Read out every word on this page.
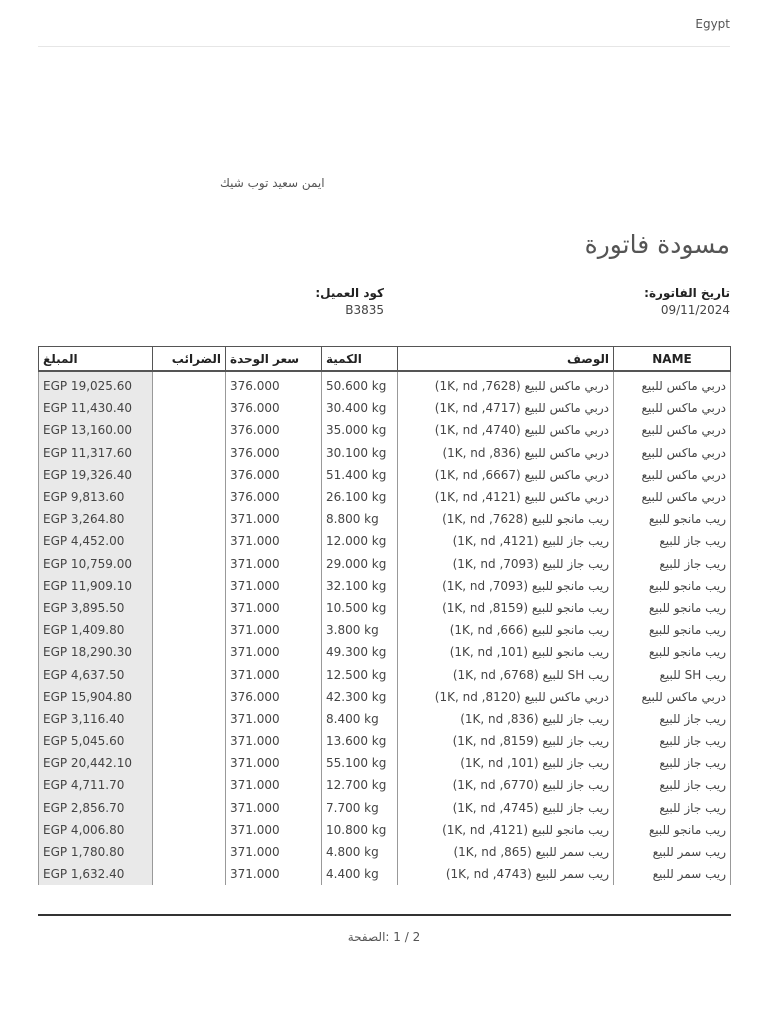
Egypt
ايمن سعيد توب شيك
مسودة فاتورة
تاريخ الفاتورة:
09/11/2024
كود العميل:
B3835
المبلغ	الضرائب	سعر الوحدة	الكمية	الوصف	NAME

EGP 19,025.60		376.000	50.600 kg	دربي ماكس للبيع (7628, 1K, nd)	دربي ماكس للبيع
EGP 11,430.40		376.000	30.400 kg	دربي ماكس للبيع (4717, 1K, nd)	دربي ماكس للبيع
EGP 13,160.00		376.000	35.000 kg	دربي ماكس للبيع (4740, 1K, nd)	دربي ماكس للبيع
EGP 11,317.60		376.000	30.100 kg	دربي ماكس للبيع (836, 1K, nd)	دربي ماكس للبيع
EGP 19,326.40		376.000	51.400 kg	دربي ماكس للبيع (6667, 1K, nd)	دربي ماكس للبيع
EGP 9,813.60		376.000	26.100 kg	دربي ماكس للبيع (4121, 1K, nd)	دربي ماكس للبيع
EGP 3,264.80		371.000	8.800 kg	ريب مانجو للبيع (7628, 1K, nd)	ريب مانجو للبيع
EGP 4,452.00		371.000	12.000 kg	ريب جاز للبيع (4121, 1K, nd)	ريب جاز للبيع
EGP 10,759.00		371.000	29.000 kg	ريب جاز للبيع (7093, 1K, nd)	ريب جاز للبيع
EGP 11,909.10		371.000	32.100 kg	ريب مانجو للبيع (7093, 1K, nd)	ريب مانجو للبيع
EGP 3,895.50		371.000	10.500 kg	ريب مانجو للبيع (8159, 1K, nd)	ريب مانجو للبيع
EGP 1,409.80		371.000	3.800 kg	ريب مانجو للبيع (666, 1K, nd)	ريب مانجو للبيع
EGP 18,290.30		371.000	49.300 kg	ريب مانجو للبيع (101, 1K, nd)	ريب مانجو للبيع
EGP 4,637.50		371.000	12.500 kg	ريب SH للبيع (6768, 1K, nd)	ريب SH للبيع
EGP 15,904.80		376.000	42.300 kg	دربي ماكس للبيع (8120, 1K, nd)	دربي ماكس للبيع
EGP 3,116.40		371.000	8.400 kg	ريب جاز للبيع (836, 1K, nd)	ريب جاز للبيع
EGP 5,045.60		371.000	13.600 kg	ريب جاز للبيع (8159, 1K, nd)	ريب جاز للبيع
EGP 20,442.10		371.000	55.100 kg	ريب جاز للبيع (101, 1K, nd)	ريب جاز للبيع
EGP 4,711.70		371.000	12.700 kg	ريب جاز للبيع (6770, 1K, nd)	ريب جاز للبيع
EGP 2,856.70		371.000	7.700 kg	ريب جاز للبيع (4745, 1K, nd)	ريب جاز للبيع
EGP 4,006.80		371.000	10.800 kg	ريب مانجو للبيع (4121, 1K, nd)	ريب مانجو للبيع
EGP 1,780.80		371.000	4.800 kg	ريب سمر للبيع (865, 1K, nd)	ريب سمر للبيع
EGP 1,632.40		371.000	4.400 kg	ريب سمر للبيع (4743, 1K, nd)	ريب سمر للبيع
الصفحة: 1 / 2
